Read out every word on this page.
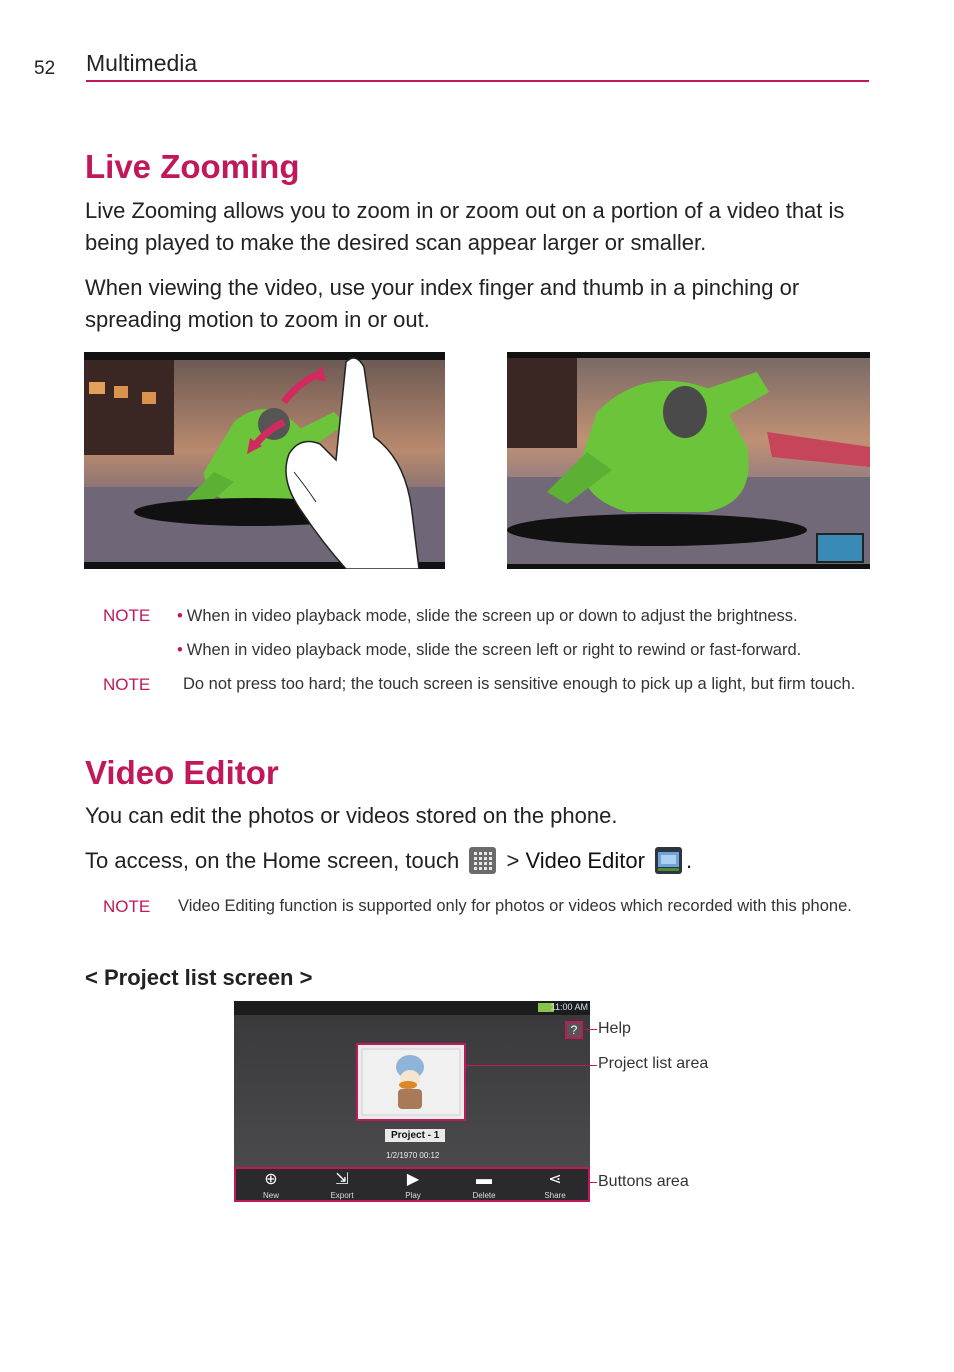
52 Multimedia
Live Zooming

Live Zooming allows you to zoom in or zoom out on a portion of a video that is being played to make the desired scan appear larger or smaller.

When viewing the video, use your index finger and thumb in a pinching or spreading motion to zoom in or out.

NOTE • When in video playback mode, slide the screen up or down to adjust the brightness.
• When in video playback mode, slide the screen left or right to rewind or fast-forward.
NOTE Do not press too hard; the touch screen is sensitive enough to pick up a light, but firm touch.
Video Editor

You can edit the photos or videos stored on the phone.

To access, on the Home screen, touch > Video Editor .
NOTE Video Editing function is supported only for photos or videos which recorded with this phone.
< Project list screen >
11:00 AM
?
Project - 1
1/2/1970 00:12
⊕
New
⇲
Export
▶
Play
▬
Delete
⋖
Share
Help
Project list area
Buttons area
